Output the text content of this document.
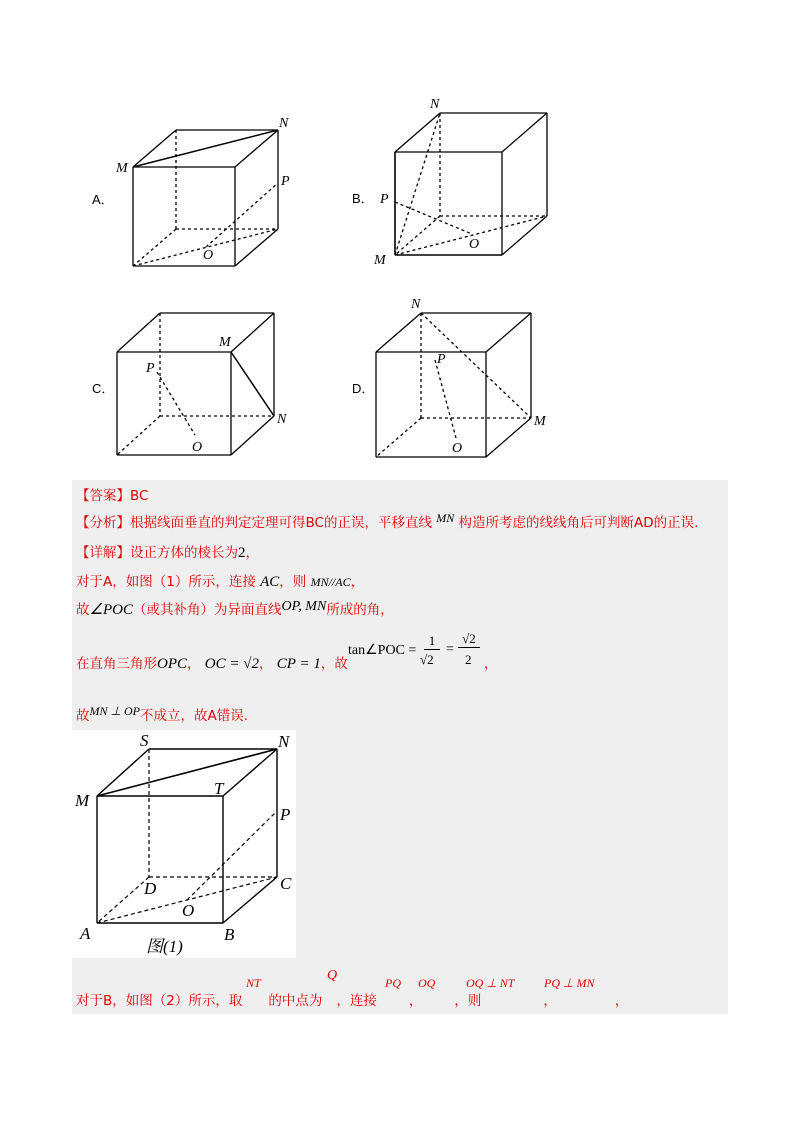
M
N
P
O
N
P
O
M
M
P
N
O
N
P
M
O
A．	B．
C．	D．
【答案】BC
【分析】根据线面垂直的判定定理可得BC的正误，平移直线 MN 构造所考虑的线线角后可判断AD的正误.
【详解】设正方体的棱长为2，
对于A，如图（1）所示，连接 AC，则 MN//AC，
故∠POC（或其补角）为异面直线OP, MN所成的角，
在直角三角形OPC， OC = √2， CP = 1，故
tan∠POC =
1
√2
=
√2
2 ，
故MN ⊥ OP不成立，故A错误.
S	N
M
T
P
D	C
O
A	B
图(1)
对于B，如图（2）所示，取 的中点为 ，连接 ， ，则	，	，
NT	Q	PQ OQ	OQ ⊥ NT PQ ⊥ MN
